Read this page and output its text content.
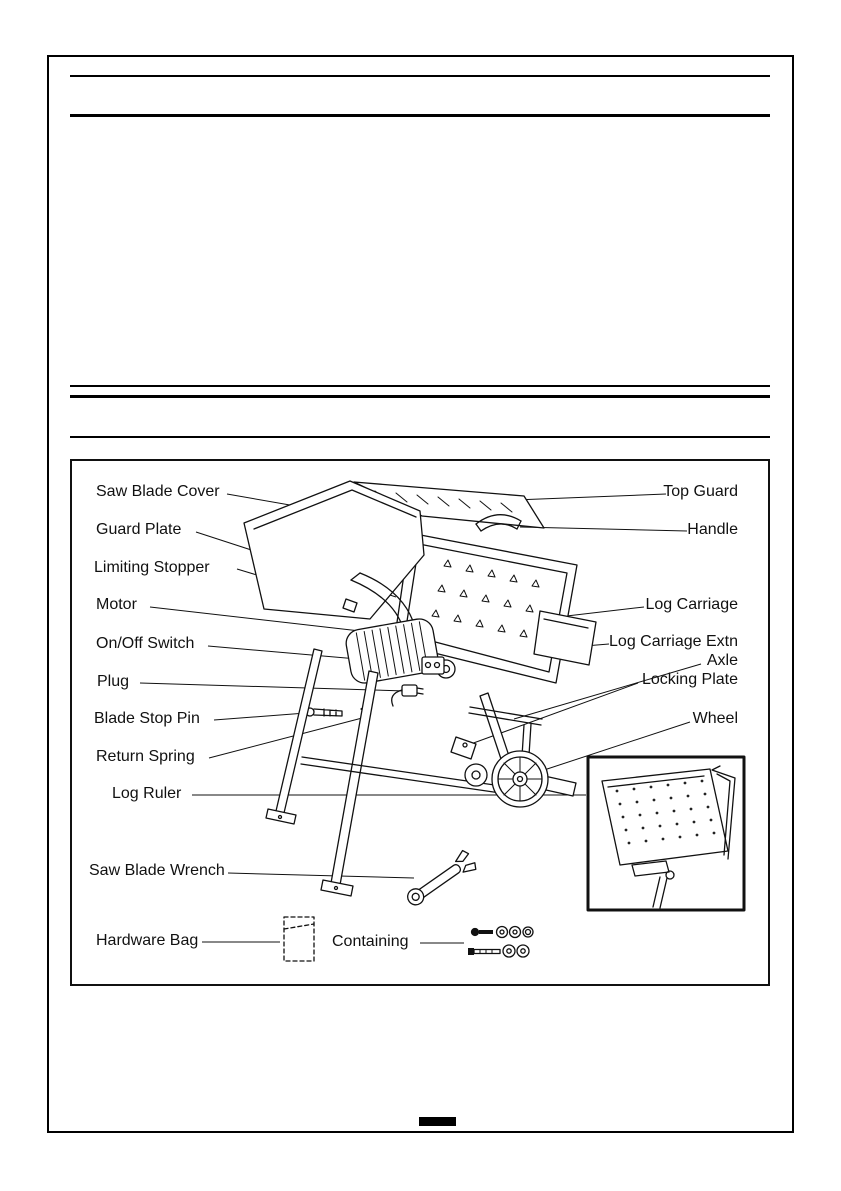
Saw Blade Cover
Guard Plate
Limiting Stopper
Motor
On/Off Switch
Plug
Blade Stop Pin
Return Spring
Log Ruler
Saw Blade Wrench
Hardware Bag	Containing
Top Guard
Handle
Log Carriage
Log Carriage Extn
Axle
Locking Plate
Wheel
